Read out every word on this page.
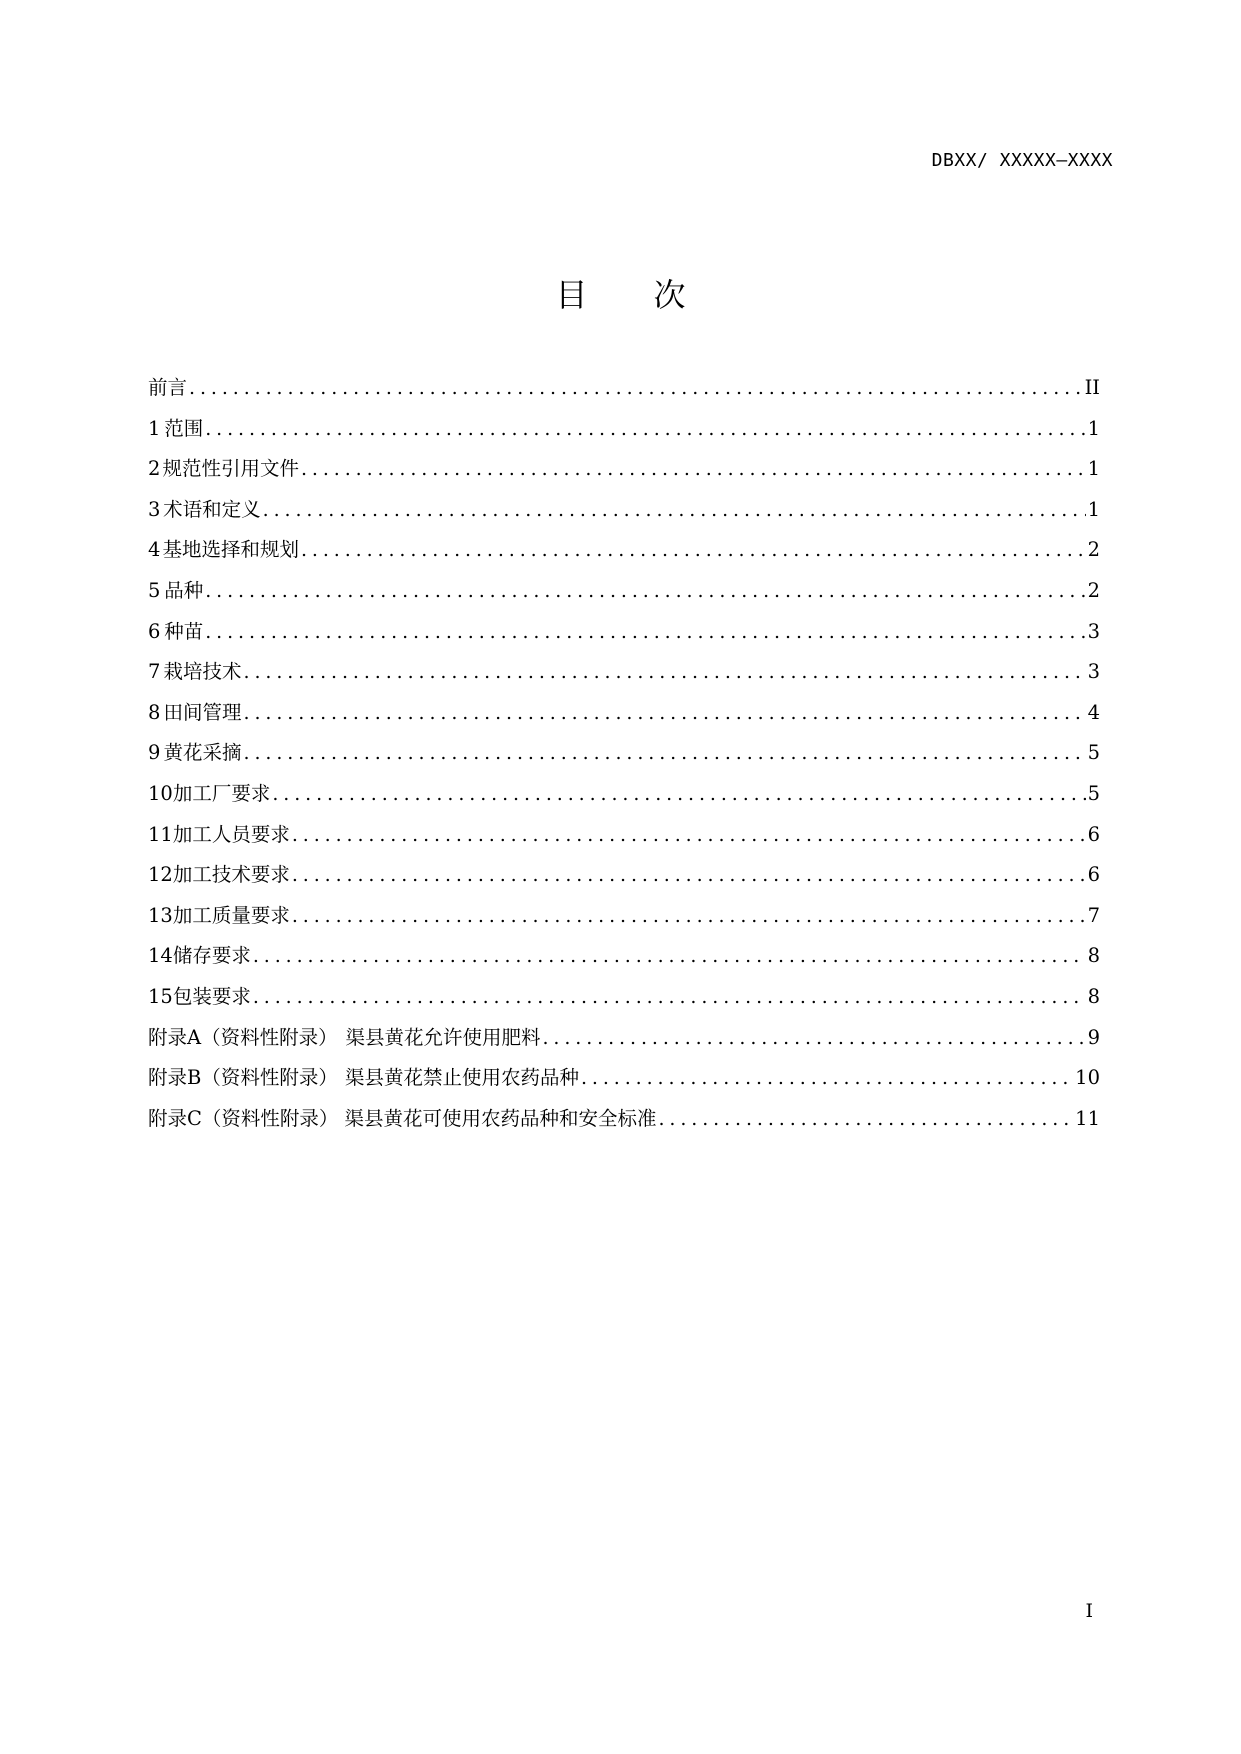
DBXX/ XXXXX—XXXX
目 次
前言 .....	II
1 范围 .....	1
2 规范性引用文件 .....	1
3 术语和定义 .....	1
4 基地选择和规划 .....	2
5 品种 .....	2
6 种苗 .....	3
7 栽培技术 .....	3
8 田间管理 .....	4
9 黄花采摘 .....	5
10 加工厂要求 .....	5
11 加工人员要求 .....	6
12 加工技术要求 .....	6
13 加工质量要求 .....	7
14 储存要求 .....	8
15 包装要求 .....	8
附录A（资料性附录） 渠县黄花允许使用肥料 .....	9
附录B（资料性附录） 渠县黄花禁止使用农药品种 .....	10
附录C（资料性附录） 渠县黄花可使用农药品种和安全标准 .....	11
I
